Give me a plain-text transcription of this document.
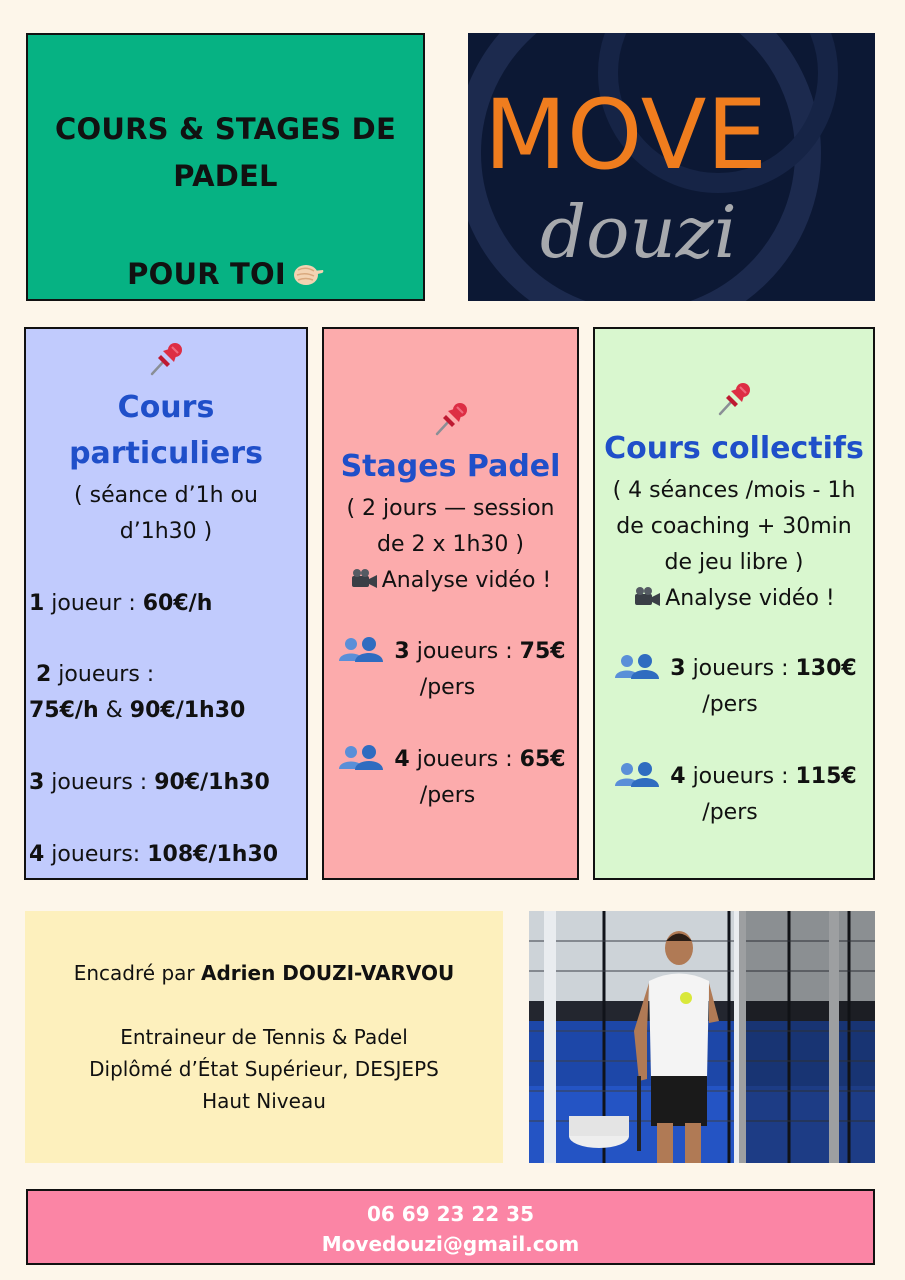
COURS & STAGES DE
PADEL
POUR TOI
MOVE
douzi
Cours
particuliers
( séance d’1h ou
d’1h30 )
1 joueur : 60€/h
2 joueurs :
75€/h & 90€/1h30
3 joueurs : 90€/1h30
4 joueurs: 108€/1h30
Stages Padel
( 2 jours — session
de 2 x 1h30 )
Analyse vidéo !
3 joueurs : 75€
/pers
4 joueurs : 65€
/pers
Cours collectifs
( 4 séances /mois - 1h
de coaching + 30min
de jeu libre )
Analyse vidéo !
3 joueurs : 130€
/pers
4 joueurs : 115€
/pers
Encadré par Adrien DOUZI-VARVOU
Entraineur de Tennis & Padel
Diplômé d’État Supérieur, DESJEPS
Haut Niveau
06 69 23 22 35
Movedouzi@gmail.com
